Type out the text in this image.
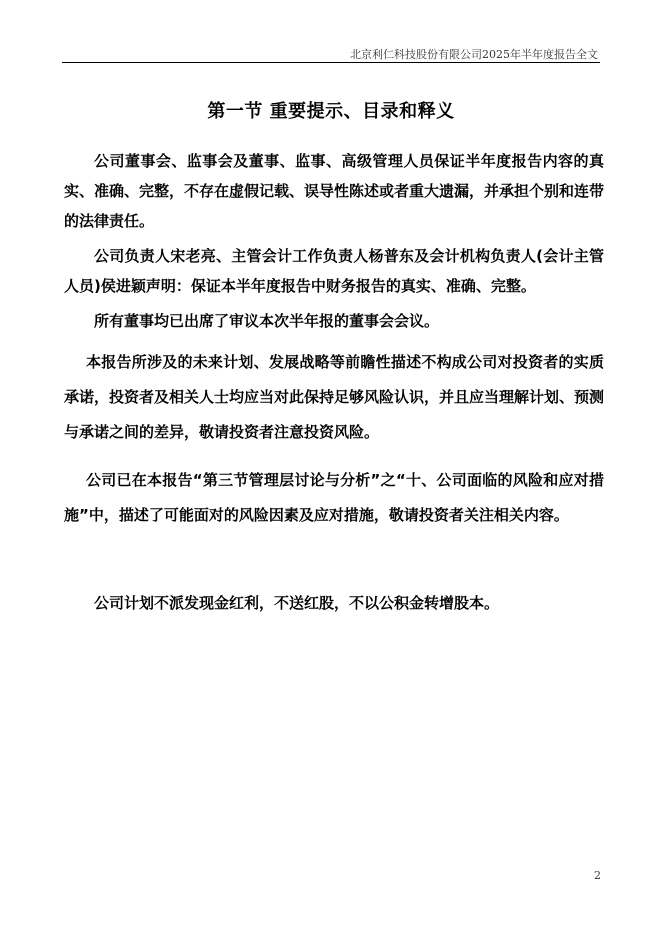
北京利仁科技股份有限公司2025年半年度报告全文
第一节 重要提示、目录和释义
公司董事会、监事会及董事、监事、高级管理人员保证半年度报告内容的真实、准确、完整，不存在虚假记载、误导性陈述或者重大遗漏，并承担个别和连带的法律责任。
公司负责人宋老亮、主管会计工作负责人杨普东及会计机构负责人(会计主管人员)侯进颖声明：保证本半年度报告中财务报告的真实、准确、完整。
所有董事均已出席了审议本次半年报的董事会会议。
本报告所涉及的未来计划、发展战略等前瞻性描述不构成公司对投资者的实质承诺，投资者及相关人士均应当对此保持足够风险认识，并且应当理解计划、预测与承诺之间的差异，敬请投资者注意投资风险。
公司已在本报告“第三节管理层讨论与分析”之“十、公司面临的风险和应对措施”中，描述了可能面对的风险因素及应对措施，敬请投资者关注相关内容。
公司计划不派发现金红利，不送红股，不以公积金转增股本。
2
